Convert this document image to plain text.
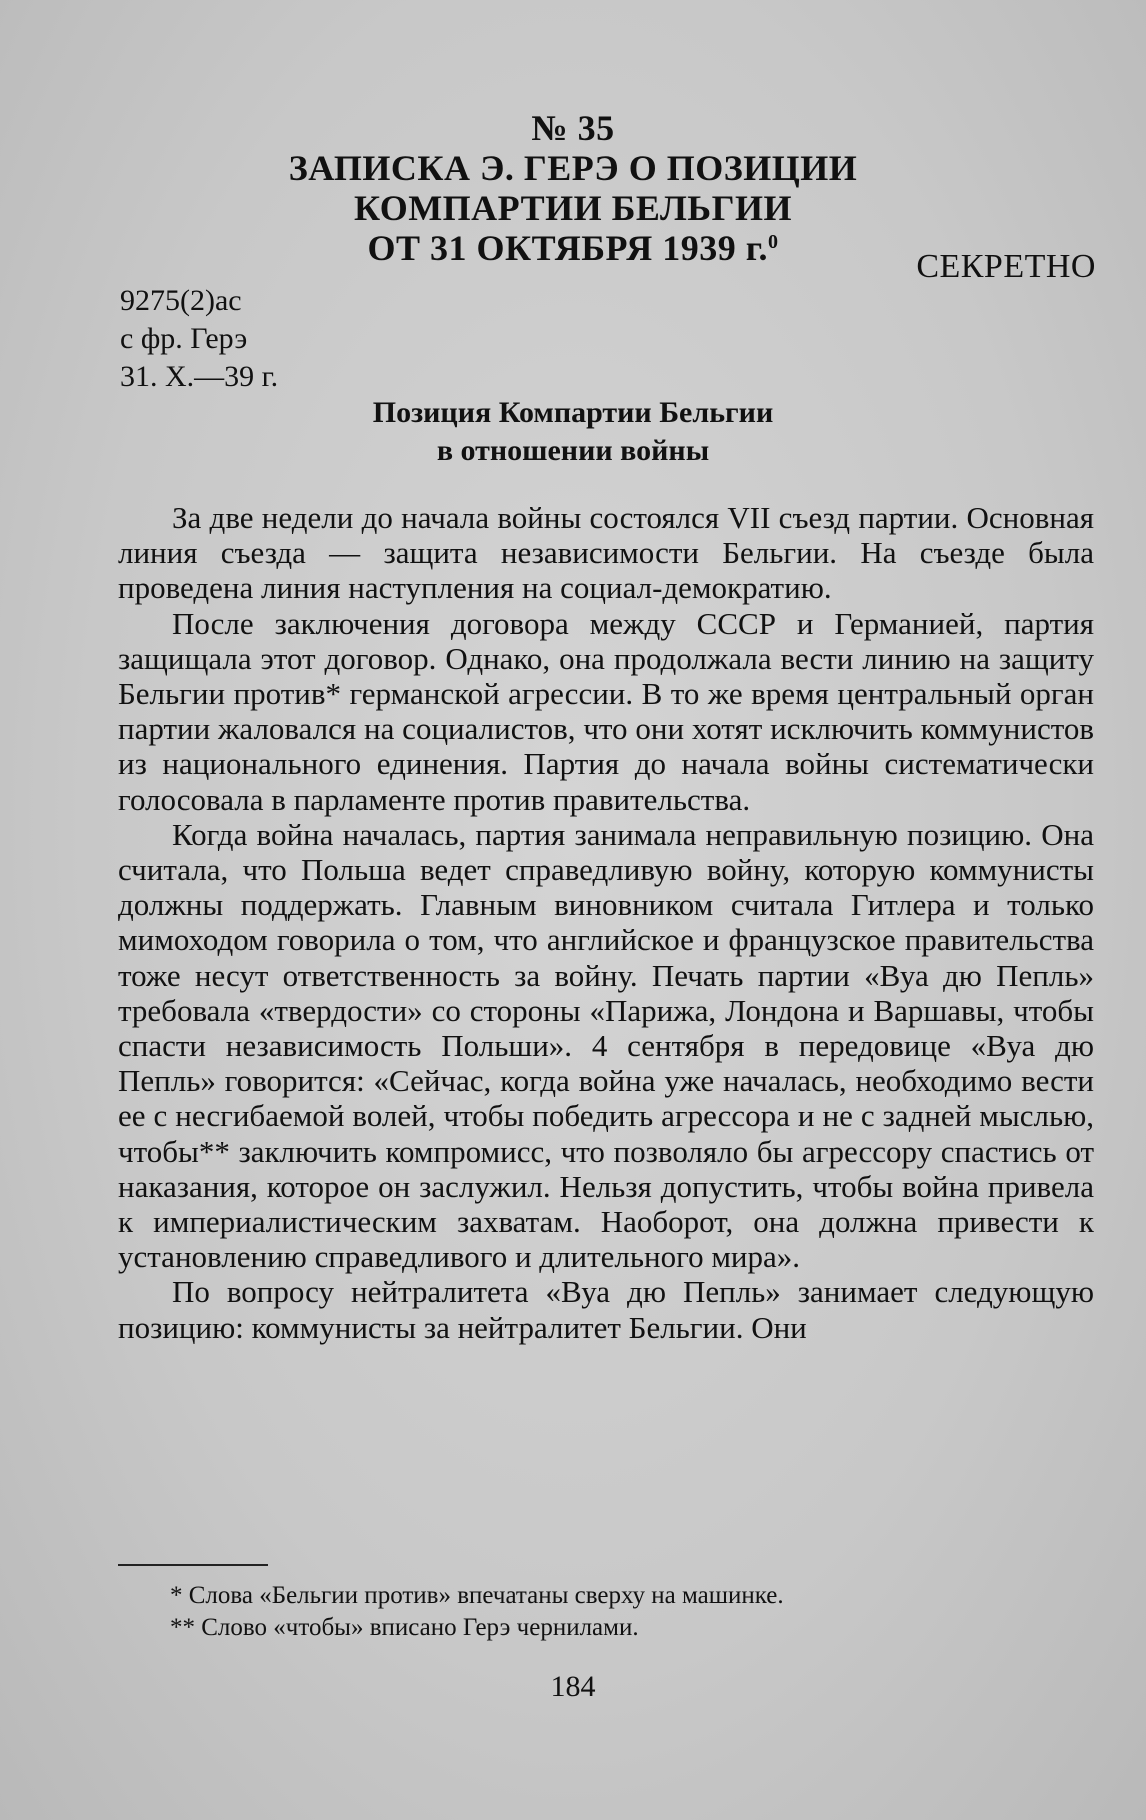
№ 35
ЗАПИСКА Э. ГЕРЭ О ПОЗИЦИИ
КОМПАРТИИ БЕЛЬГИИ
ОТ 31 ОКТЯБРЯ 1939 г.$^0$
СЕКРЕТНО
9275(2)ас
с фр. Герэ
31. X.—39 г.
Позиция Компартии Бельгии
в отношении войны

За две недели до начала войны состоялся VII съезд партии. Основная линия съезда — защита независимости Бельгии. На съезде была проведена линия наступления на социал-демократию.

После заключения договора между СССР и Германией, партия защищала этот договор. Однако, она продолжала вести линию на защиту Бельгии против* германской агрессии. В то же время центральный орган партии жаловался на социалистов, что они хотят исключить коммунистов из национального единения. Партия до начала войны систематически голосовала в парламенте против правительства.

Когда война началась, партия занимала неправильную позицию. Она считала, что Польша ведет справедливую войну, которую коммунисты должны поддержать. Главным виновником считала Гитлера и только мимоходом говорила о том, что английское и французское правительства тоже несут ответственность за войну. Печать партии «Вуа дю Пепль» требовала «твердости» со стороны «Парижа, Лондона и Варшавы, чтобы спасти независимость Польши». 4 сентября в передовице «Вуа дю Пепль» говорится: «Сейчас, когда война уже началась, необходимо вести ее с несгибаемой волей, чтобы победить агрессора и не с задней мыслью, чтобы** заключить компромисс, что позволяло бы агрессору спастись от наказания, которое он заслужил. Нельзя допустить, чтобы война привела к империалистическим захватам. Наоборот, она должна привести к установлению справедливого и длительного мира».

По вопросу нейтралитета «Вуа дю Пепль» занимает следующую позицию: коммунисты за нейтралитет Бельгии. Они

* Слова «Бельгии против» впечатаны сверху на машинке.
** Слово «чтобы» вписано Герэ чернилами.
184
